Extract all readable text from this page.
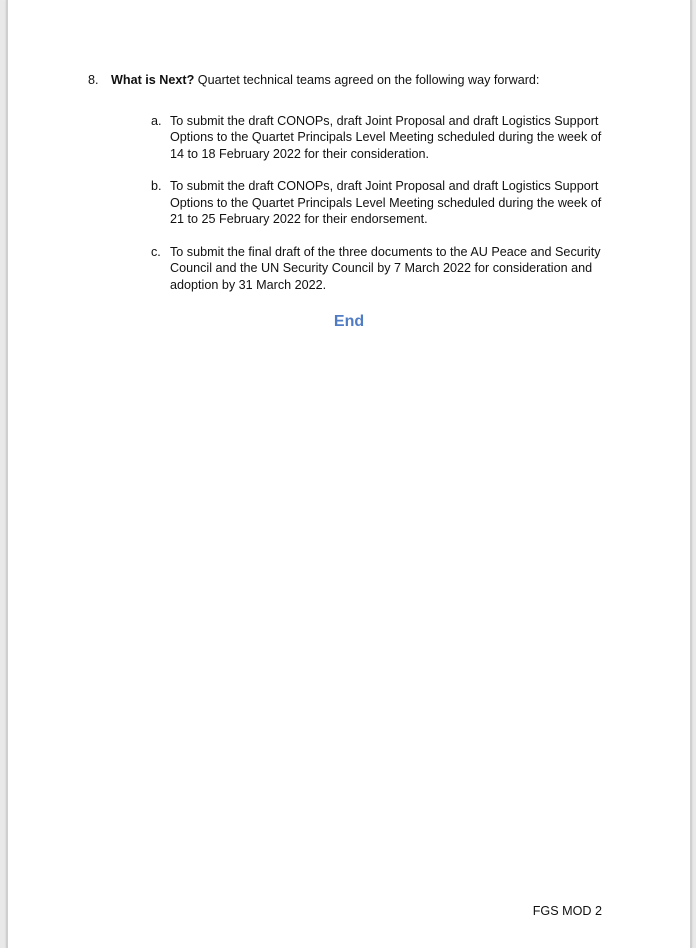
8. What is Next? Quartet technical teams agreed on the following way forward:
a. To submit the draft CONOPs, draft Joint Proposal and draft Logistics Support Options to the Quartet Principals Level Meeting scheduled during the week of 14 to 18 February 2022 for their consideration.
b. To submit the draft CONOPs, draft Joint Proposal and draft Logistics Support Options to the Quartet Principals Level Meeting scheduled during the week of 21 to 25 February 2022 for their endorsement.
c. To submit the final draft of the three documents to the AU Peace and Security Council and the UN Security Council by 7 March 2022 for consideration and adoption by 31 March 2022.
End
FGS MOD 2
